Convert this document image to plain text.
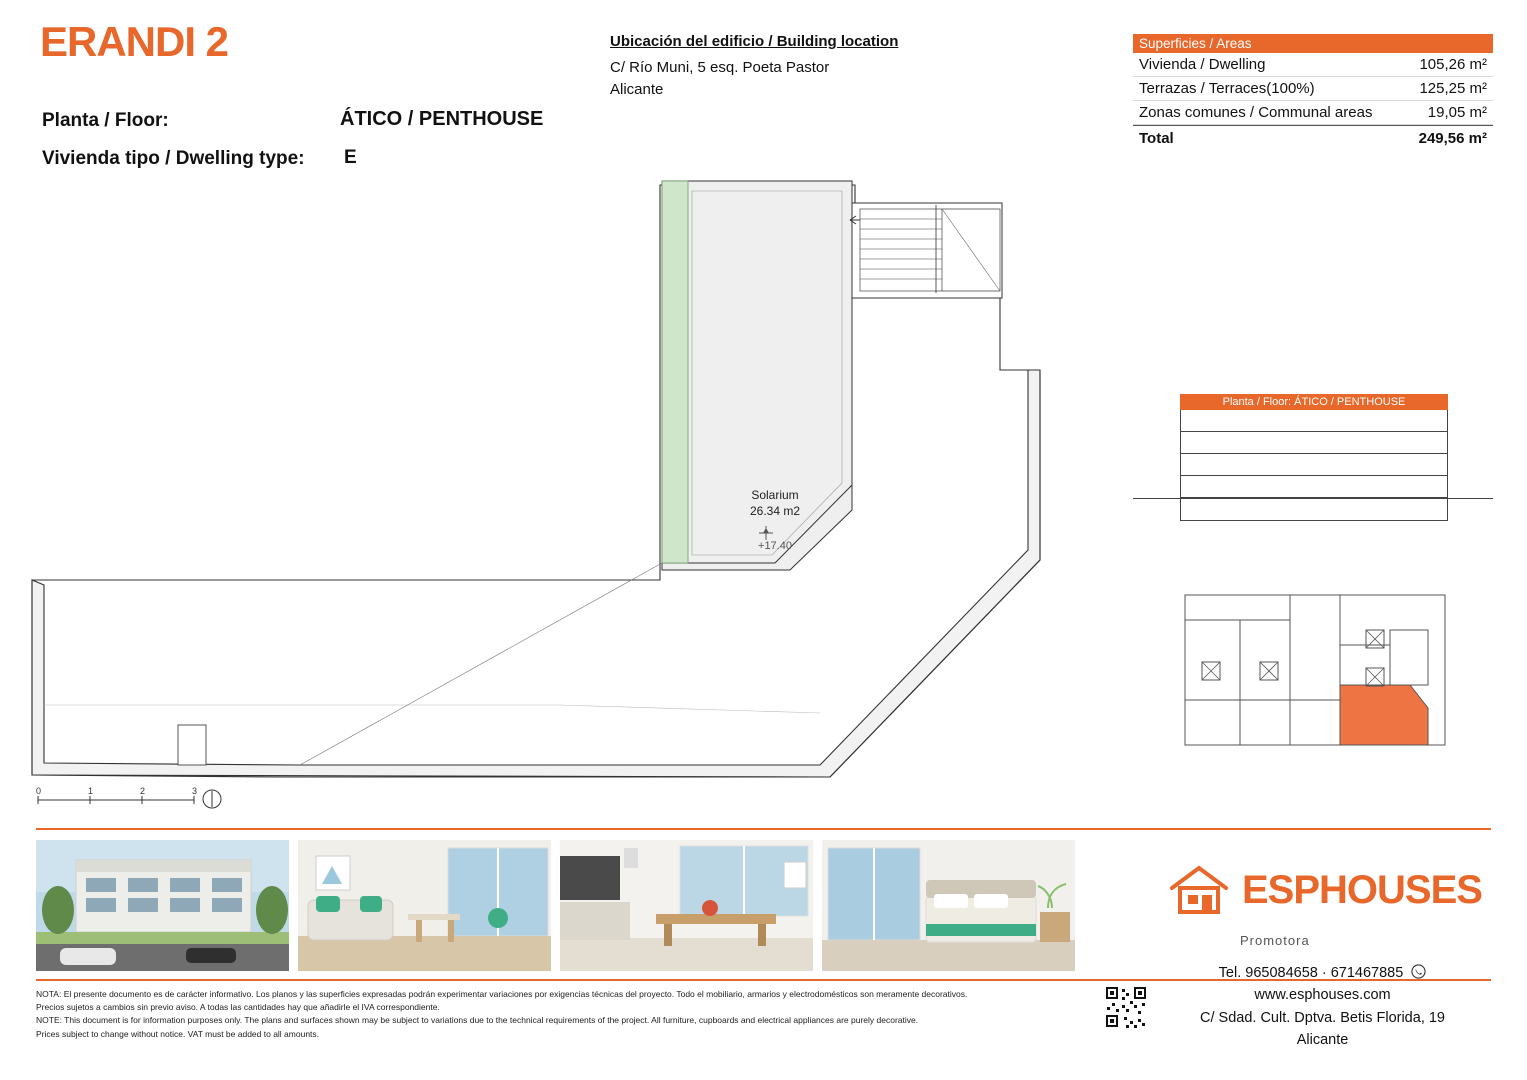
ERANDI 2
Planta / Floor:	ÁTICO / PENTHOUSE
Vivienda tipo / Dwelling type: E
Ubicación del edificio / Building location
C/ Río Muni, 5 esq. Poeta Pastor
Alicante
Superficies / Areas
Vivienda / Dwelling	105,26 m²
Terrazas / Terraces(100%)	125,25 m²
Zonas comunes / Communal areas	19,05 m²
Total	249,56 m²
Solarium
26.34 m2
+17.40
0	1	2	3
Planta / Floor: ÁTICO / PENTHOUSE
NOTA: El presente documento es de carácter informativo. Los planos y las superficies expresadas podrán experimentar variaciones por exigencias técnicas del proyecto. Todo el mobiliario, armarios y electrodomésticos son meramente decorativos.
Precios sujetos a cambios sin previo aviso. A todas las cantidades hay que añadirle el IVA correspondiente.
NOTE: This document is for information purposes only. The plans and surfaces shown may be subject to variations due to the technical requirements of the project. All furniture, cupboards and electrical appliances are purely decorative.
Prices subject to change without notice. VAT must be added to all amounts.
ESPHOUSES
Promotora
Tel. 965084658 · 671467885
www.esphouses.com
C/ Sdad. Cult. Dptva. Betis Florida, 19
Alicante
